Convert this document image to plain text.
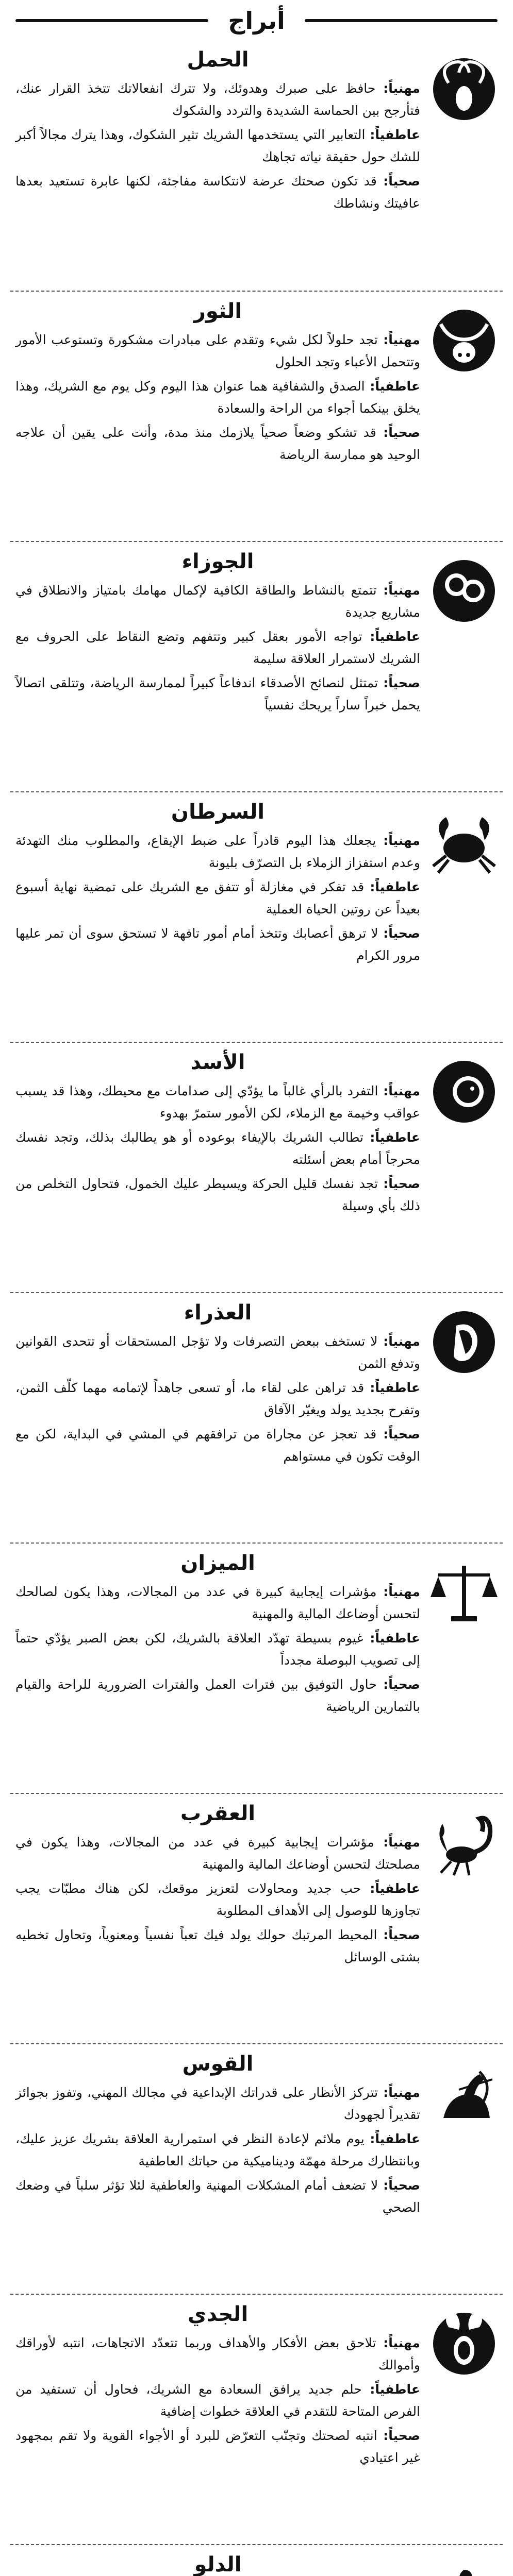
أبراج
الحمل

مهنياً: حافظ على صبرك وهدوئك، ولا تترك انفعالاتك تتخذ القرار عنك، فتأرجح بين الحماسة الشديدة والتردد والشكوك

عاطفياً: التعابير التي يستخدمها الشريك تثير الشكوك، وهذا يترك مجالاً أكبر للشك حول حقيقة نياته تجاهك

صحياً: قد تكون صحتك عرضة لانتكاسة مفاجئة، لكنها عابرة تستعيد بعدها عافيتك ونشاطك

الثور

مهنياً: تجد حلولاً لكل شيء وتقدم على مبادرات مشكورة وتستوعب الأمور وتتحمل الأعباء وتجد الحلول

عاطفياً: الصدق والشفافية هما عنوان هذا اليوم وكل يوم مع الشريك، وهذا يخلق بينكما أجواء من الراحة والسعادة

صحياً: قد تشكو وضعاً صحياً يلازمك منذ مدة، وأنت على يقين أن علاجه الوحيد هو ممارسة الرياضة

الجوزاء

مهنياً: تتمتع بالنشاط والطاقة الكافية لإكمال مهامك بامتياز والانطلاق في مشاريع جديدة

عاطفياً: تواجه الأمور بعقل كبير وتتفهم وتضع النقاط على الحروف مع الشريك لاستمرار العلاقة سليمة

صحياً: تمتثل لنصائح الأصدقاء اندفاعاً كبيراً لممارسة الرياضة، وتتلقى اتصالاً يحمل خبراً ساراً يريحك نفسياً

السرطان

مهنياً: يجعلك هذا اليوم قادراً على ضبط الإيقاع، والمطلوب منك التهدئة وعدم استفزاز الزملاء بل التصرّف بليونة

عاطفياً: قد تفكر في مغازلة أو تتفق مع الشريك على تمضية نهاية أسبوع بعيداً عن روتين الحياة العملية

صحياً: لا ترهق أعصابك وتتخذ أمام أمور تافهة لا تستحق سوى أن تمر عليها مرور الكرام

الأسد

مهنياً: التفرد بالرأي غالباً ما يؤدّي إلى صدامات مع محيطك، وهذا قد يسبب عواقب وخيمة مع الزملاء، لكن الأمور ستمرّ بهدوء

عاطفياً: تطالب الشريك بالإيفاء بوعوده أو هو يطالبك بذلك، وتجد نفسك محرجاً أمام بعض أسئلته

صحياً: تجد نفسك قليل الحركة ويسيطر عليك الخمول، فتحاول التخلص من ذلك بأي وسيلة

العذراء

مهنياً: لا تستخف ببعض التصرفات ولا تؤجل المستحقات أو تتحدى القوانين وتدفع الثمن

عاطفياً: قد تراهن على لقاء ما، أو تسعى جاهداً لإتمامه مهما كلّف الثمن، وتفرح بجديد يولد ويغيّر الآفاق

صحياً: قد تعجز عن مجاراة من ترافقهم في المشي في البداية، لكن مع الوقت تكون في مستواهم

الميزان

مهنياً: مؤشرات إيجابية كبيرة في عدد من المجالات، وهذا يكون لصالحك لتحسن أوضاعك المالية والمهنية

عاطفياً: غيوم بسيطة تهدّد العلاقة بالشريك، لكن بعض الصبر يؤدّي حتماً إلى تصويب البوصلة مجدداً

صحياً: حاول التوفيق بين فترات العمل والفترات الضرورية للراحة والقيام بالتمارين الرياضية

العقرب

مهنياً: مؤشرات إيجابية كبيرة في عدد من المجالات، وهذا يكون في مصلحتك لتحسن أوضاعك المالية والمهنية

عاطفياً: حب جديد ومحاولات لتعزيز موقعك، لكن هناك مطبّات يجب تجاوزها للوصول إلى الأهداف المطلوبة

صحياً: المحيط المرتبك حولك يولد فيك تعباً نفسياً ومعنوياً، وتحاول تخطيه بشتى الوسائل

القوس

مهنياً: تتركز الأنظار على قدراتك الإبداعية في مجالك المهني، وتفوز بجوائز تقديراً لجهودك

عاطفياً: يوم ملائم لإعادة النظر في استمرارية العلاقة بشريك عزيز عليك، وبانتظارك مرحلة مهمّة وديناميكية من حياتك العاطفية

صحياً: لا تضعف أمام المشكلات المهنية والعاطفية لئلا تؤثر سلباً في وضعك الصحي

الجدي

مهنياً: تلاحق بعض الأفكار والأهداف وربما تتعدّد الاتجاهات، انتبه لأوراقك وأموالك

عاطفياً: حلم جديد يرافق السعادة مع الشريك، فحاول أن تستفيد من الفرص المتاحة للتقدم في العلاقة خطوات إضافية

صحياً: انتبه لصحتك وتجنّب التعرّض للبرد أو الأجواء القوية ولا تقم بمجهود غير اعتيادي

الدلو
